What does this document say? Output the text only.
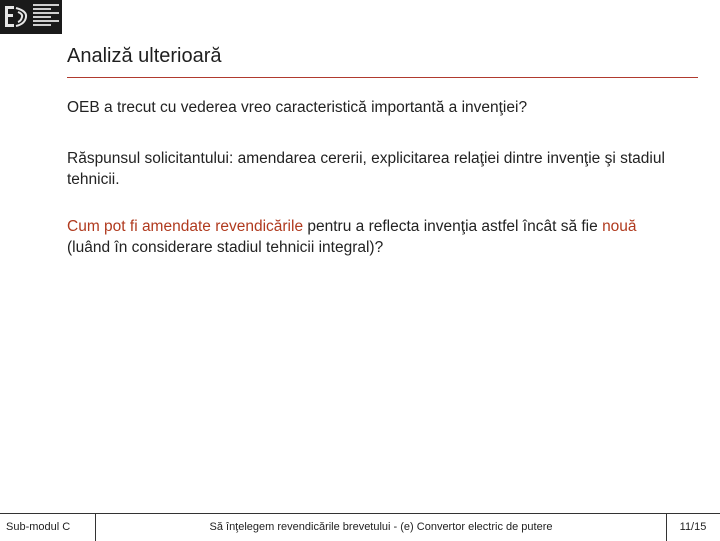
Analiză ulterioară
OEB a trecut cu vederea vreo caracteristică importantă a invenţiei?
Răspunsul solicitantului: amendarea cererii, explicitarea relaţiei dintre invenţie şi stadiul tehnicii.
Cum pot fi amendate revendicările pentru a reflecta invenţia astfel încât să fie nouă (luând în considerare stadiul tehnicii integral)?
Sub-modul C	Să înţelegem revendicările brevetului - (e) Convertor electric de putere	11/15
